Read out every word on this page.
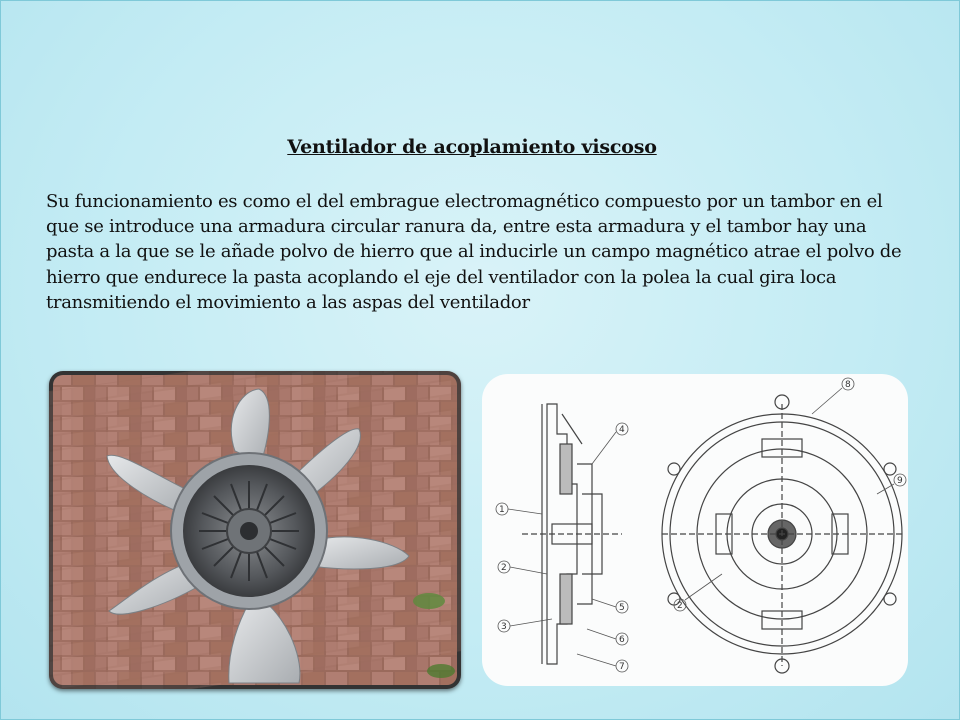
Ventilador de acoplamiento viscoso
Su funcionamiento es como el del embrague electromagnético compuesto por un tambor en el que se introduce una armadura circular ranura da, entre esta armadura y el tambor hay una pasta a la que se le añade polvo de hierro que al inducirle un campo magnético atrae el polvo de hierro que endurece la pasta acoplando el eje del ventilador con la polea la cual gira loca transmitiendo el movimiento a las aspas del ventilador
1
2
3
4
5
6
7
8
9
2
